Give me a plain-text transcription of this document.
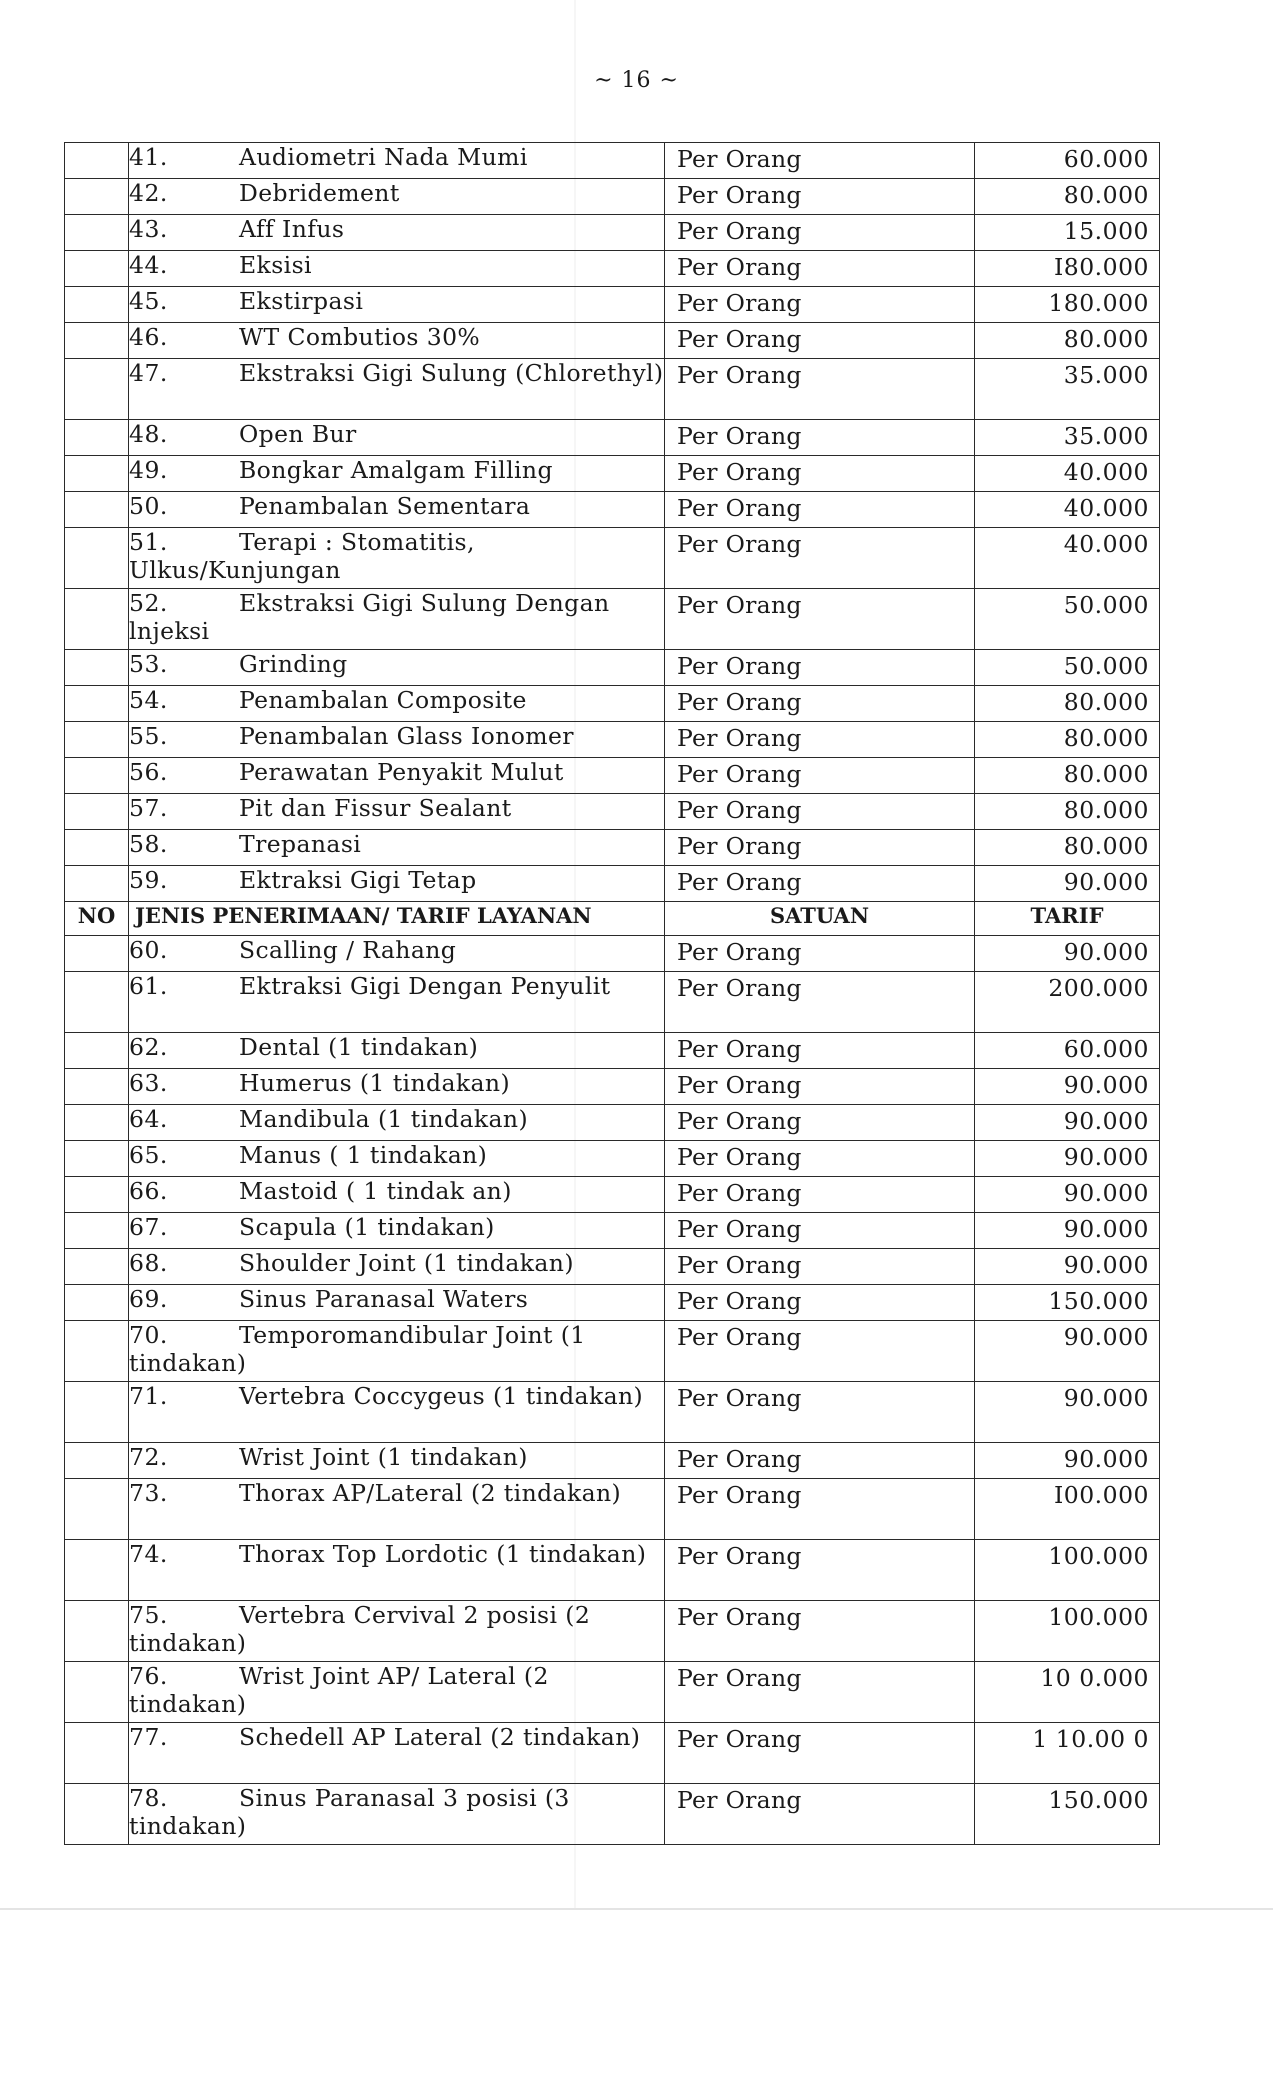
~ 16 ~
	41. Audiometri Nada Mumi	Per Orang	60.000
	42. Debridement	Per Orang	80.000
	43. Aff Infus	Per Orang	15.000
	44. Eksisi	Per Orang	I80.000
	45. Ekstirpasi	Per Orang	180.000
	46. WT Combutios 30%	Per Orang	80.000
	47. Ekstraksi Gigi Sulung (Chlorethyl)	Per Orang	35.000
	48. Open Bur	Per Orang	35.000
	49. Bongkar Amalgam Filling	Per Orang	40.000
	50. Penambalan Sementara	Per Orang	40.000
	51. Terapi : Stomatitis, Ulkus/Kunjungan	Per Orang	40.000
	52. Ekstraksi Gigi Sulung Dengan lnjeksi	Per Orang	50.000
	53. Grinding	Per Orang	50.000
	54. Penambalan Composite	Per Orang	80.000
	55. Penambalan Glass Ionomer	Per Orang	80.000
	56. Perawatan Penyakit Mulut	Per Orang	80.000
	57. Pit dan Fissur Sealant	Per Orang	80.000
	58. Trepanasi	Per Orang	80.000
	59. Ektraksi Gigi Tetap	Per Orang	90.000
NO	JENIS PENERIMAAN/ TARIF LAYANAN	SATUAN	TARIF
	60. Scalling / Rahang	Per Orang	90.000
	61. Ektraksi Gigi Dengan Penyulit	Per Orang	200.000
	62. Dental (1 tindakan)	Per Orang	60.000
	63. Humerus (1 tindakan)	Per Orang	90.000
	64. Mandibula (1 tindakan)	Per Orang	90.000
	65. Manus ( 1 tindakan)	Per Orang	90.000
	66. Mastoid ( 1 tindak an)	Per Orang	90.000
	67. Scapula (1 tindakan)	Per Orang	90.000
	68. Shoulder Joint (1 tindakan)	Per Orang	90.000
	69. Sinus Paranasal Waters	Per Orang	150.000
	70. Temporomandibular Joint (1 tindakan)	Per Orang	90.000
	71. Vertebra Coccygeus (1 tindakan)	Per Orang	90.000
	72. Wrist Joint (1 tindakan)	Per Orang	90.000
	73. Thorax AP/Lateral (2 tindakan)	Per Orang	I00.000
	74. Thorax Top Lordotic (1 tindakan)	Per Orang	100.000
	75. Vertebra Cervival 2 posisi (2 tindakan)	Per Orang	100.000
	76. Wrist Joint AP/ Lateral (2 tindakan)	Per Orang	10 0.000
	77. Schedell AP Lateral (2 tindakan)	Per Orang	1 10.00 0
	78. Sinus Paranasal 3 posisi (3 tindakan)	Per Orang	150.000
